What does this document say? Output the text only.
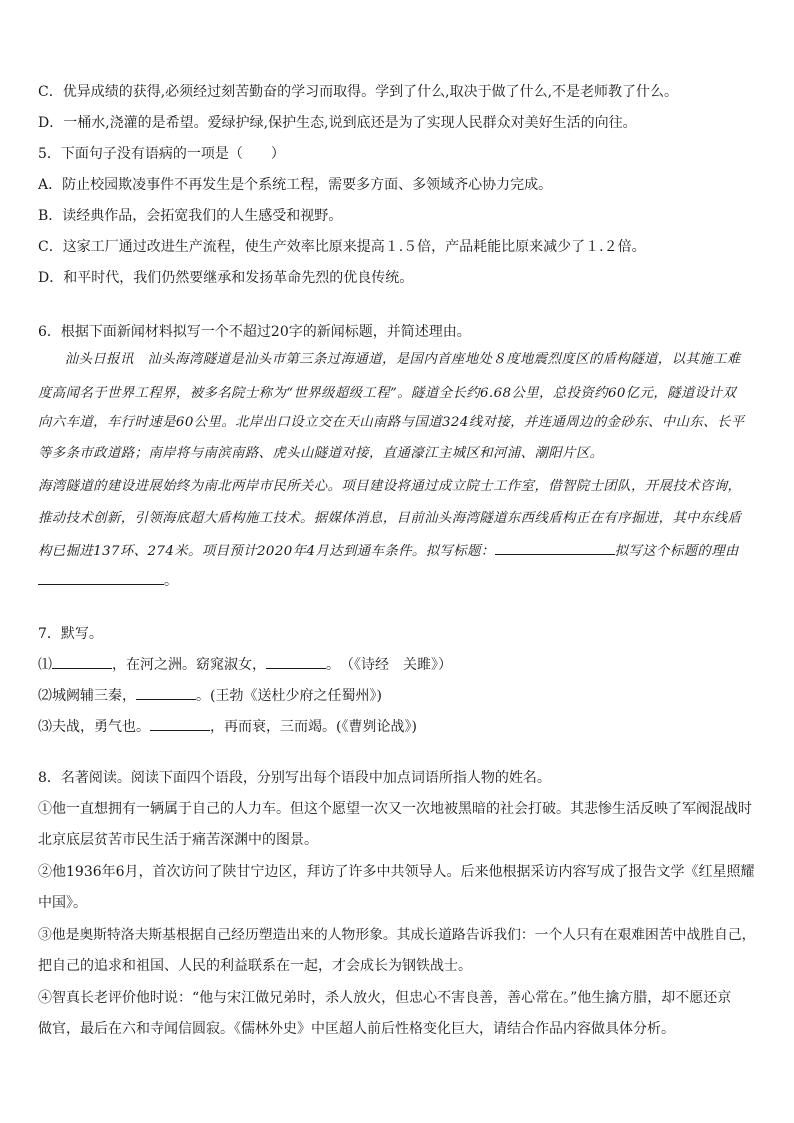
C．优异成绩的获得,必须经过刻苦勤奋的学习而取得。学到了什么,取决于做了什么,不是老师教了什么。
D．一桶水,浇灌的是希望。爱绿护绿,保护生态,说到底还是为了实现人民群众对美好生活的向往。
5．下面句子没有语病的一项是（　　）
A．防止校园欺凌事件不再发生是个系统工程，需要多方面、多领域齐心协力完成。
B．读经典作品，会拓宽我们的人生感受和视野。
C．这家工厂通过改进生产流程，使生产效率比原来提高１.５倍，产品耗能比原来减少了１.２倍。
D．和平时代，我们仍然要继承和发扬革命先烈的优良传统。
6．根据下面新闻材料拟写一个不超过20字的新闻标题，并简述理由。
汕头日报讯　汕头海湾隧道是汕头市第三条过海通道，是国内首座地处８度地震烈度区的盾构隧道，以其施工难
度高闻名于世界工程界，被多名院士称为“世界级超级工程”。隧道全长约6.68公里，总投资约60亿元，隧道设计双
向六车道，车行时速是60公里。北岸出口设立交在天山南路与国道324线对接，并连通周边的金砂东、中山东、长平
等多条市政道路；南岸将与南滨南路、虎头山隧道对接，直通濠江主城区和河浦、潮阳片区。
海湾隧道的建设进展始终为南北两岸市民所关心。项目建设将通过成立院士工作室，借智院士团队，开展技术咨询，
推动技术创新，引领海底超大盾构施工技术。据媒体消息，目前汕头海湾隧道东西线盾构正在有序掘进，其中东线盾
构已掘进137环、274米。项目预计2020年4月达到通车条件。拟写标题：	拟写这个标题的理由
。
7．默写。
⑴	，在河之洲。窈窕淑女，	。　（《诗经　关雎》）
⑵城阙辅三秦，	。(王勃《送杜少府之任蜀州》)
⑶夫战，勇气也。	，再而衰，三而竭。(《曹刿论战》)
8．名著阅读。阅读下面四个语段，分别写出每个语段中加点词语所指人物的姓名。
①他一直想拥有一辆属于自己的人力车。但这个愿望一次又一次地被黑暗的社会打破。其悲惨生活反映了军阀混战时
北京底层贫苦市民生活于痛苦深渊中的图景。
②他1936年6月，首次访问了陕甘宁边区，拜访了许多中共领导人。后来他根据采访内容写成了报告文学《红星照耀
中国》。
③他是奥斯特洛夫斯基根据自己经历塑造出来的人物形象。其成长道路告诉我们：一个人只有在艰难困苦中战胜自己，
把自己的追求和祖国、人民的利益联系在一起，才会成长为钢铁战士。
④智真长老评价他时说：“他与宋江做兄弟时，杀人放火，但忠心不害良善，善心常在。”他生擒方腊，却不愿还京
做官，最后在六和寺闻信圆寂。《儒林外史》中匡超人前后性格变化巨大，请结合作品内容做具体分析。
